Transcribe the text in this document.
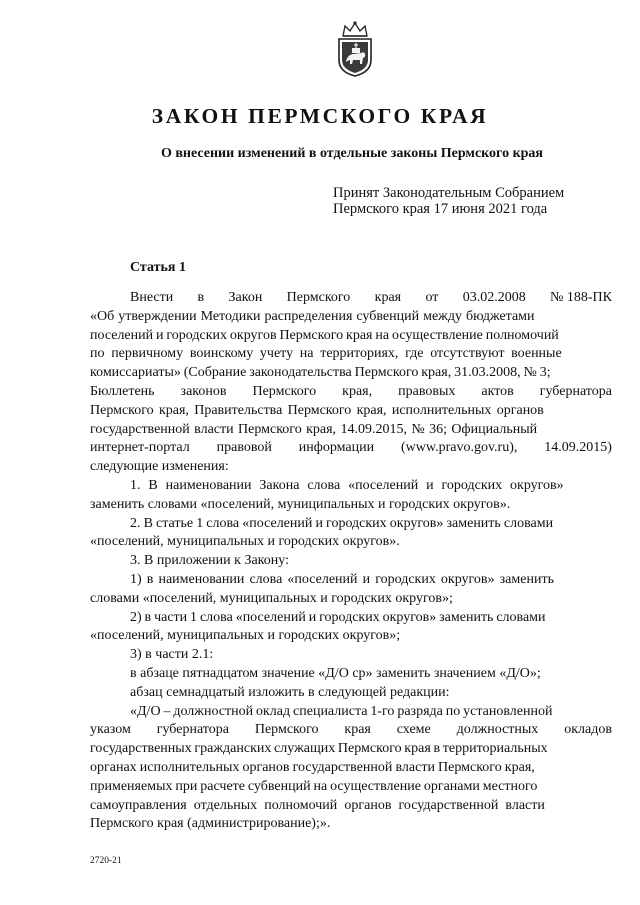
ЗАКОН ПЕРМСКОГО КРАЯ
О внесении изменений в отдельные законы Пермского края
Принят Законодательным Собранием
Пермского края 17 июня 2021 года
Статья 1
Внести в Закон Пермского края от 03.02.2008 № 188-ПК
«Об утверждении Методики распределения субвенций между бюджетами
поселений и городских округов Пермского края на осуществление полномочий
по первичному воинскому учету на территориях, где отсутствуют военные
комиссариаты» (Собрание законодательства Пермского края, 31.03.2008, № 3;
Бюллетень законов Пермского края, правовых актов губернатора
Пермского края, Правительства Пермского края, исполнительных органов
государственной власти Пермского края, 14.09.2015, № 36; Официальный
интернет-портал правовой информации (www.pravo.gov.ru), 14.09.2015)
следующие изменения:
1. В наименовании Закона слова «поселений и городских округов»
заменить словами «поселений, муниципальных и городских округов».
2. В статье 1 слова «поселений и городских округов» заменить словами
«поселений, муниципальных и городских округов».
3. В приложении к Закону:
1) в наименовании слова «поселений и городских округов» заменить
словами «поселений, муниципальных и городских округов»;
2) в части 1 слова «поселений и городских округов» заменить словами
«поселений, муниципальных и городских округов»;
3) в части 2.1:
в абзаце пятнадцатом значение «Д/О ср» заменить значением «Д/О»;
абзац семнадцатый изложить в следующей редакции:
«Д/О – должностной оклад специалиста 1-го разряда по установленной
указом губернатора Пермского края схеме должностных окладов
государственных гражданских служащих Пермского края в территориальных
органах исполнительных органов государственной власти Пермского края,
применяемых при расчете субвенций на осуществление органами местного
самоуправления отдельных полномочий органов государственной власти
Пермского края (администрирование);».
2720-21
